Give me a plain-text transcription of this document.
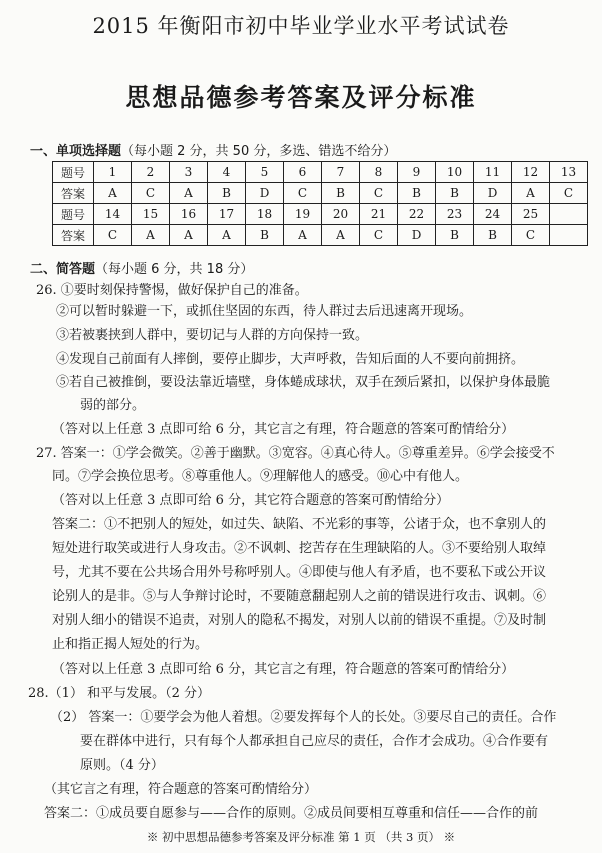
2015 年衡阳市初中毕业学业水平考试试卷
思想品德参考答案及评分标准
一、单项选择题（每小题 2 分，共 50 分，多选、错选不给分）
题号	1	2	3	4	5	6	7	8	9	10	11	12	13
答案	A	C	A	B	D	C	B	C	B	B	D	A	C
题号	14	15	16	17	18	19	20	21	22	23	24	25	
答案	C	A	A	A	B	A	A	C	D	B	B	C	
二、简答题（每小题 6 分，共 18 分）
26. ①要时刻保持警惕，做好保护自己的准备。
②可以暂时躲避一下，或抓住坚固的东西，待人群过去后迅速离开现场。
③若被裹挟到人群中，要切记与人群的方向保持一致。
④发现自己前面有人摔倒，要停止脚步，大声呼救，告知后面的人不要向前拥挤。
⑤若自己被推倒，要设法靠近墙壁，身体蜷成球状，双手在颈后紧扣，以保护身体最脆
弱的部分。
（答对以上任意 3 点即可给 6 分，其它言之有理，符合题意的答案可酌情给分）
27. 答案一：①学会微笑。②善于幽默。③宽容。④真心待人。⑤尊重差异。⑥学会接受不
同。⑦学会换位思考。⑧尊重他人。⑨理解他人的感受。⑩心中有他人。
（答对以上任意 3 点即可给 6 分，其它符合题意的答案可酌情给分）
答案二：①不把别人的短处，如过失、缺陷、不光彩的事等，公诸于众，也不拿别人的
短处进行取笑或进行人身攻击。②不讽刺、挖苦存在生理缺陷的人。③不要给别人取绰
号，尤其不要在公共场合用外号称呼别人。④即使与他人有矛盾，也不要私下或公开议
论别人的是非。⑤与人争辩讨论时，不要随意翻起别人之前的错误进行攻击、讽刺。⑥
对别人细小的错误不追责，对别人的隐私不揭发，对别人以前的错误不重提。⑦及时制
止和指正揭人短处的行为。
（答对以上任意 3 点即可给 6 分，其它言之有理，符合题意的答案可酌情给分）
28.（1） 和平与发展。（2 分）
（2） 答案一：①要学会为他人着想。②要发挥每个人的长处。③要尽自己的责任。合作
要在群体中进行，只有每个人都承担自己应尽的责任，合作才会成功。④合作要有
原则。（4 分）
（其它言之有理，符合题意的答案可酌情给分）
答案二：①成员要自愿参与——合作的原则。②成员间要相互尊重和信任——合作的前
※ 初中思想品德参考答案及评分标准 第 1 页 （共 3 页） ※
